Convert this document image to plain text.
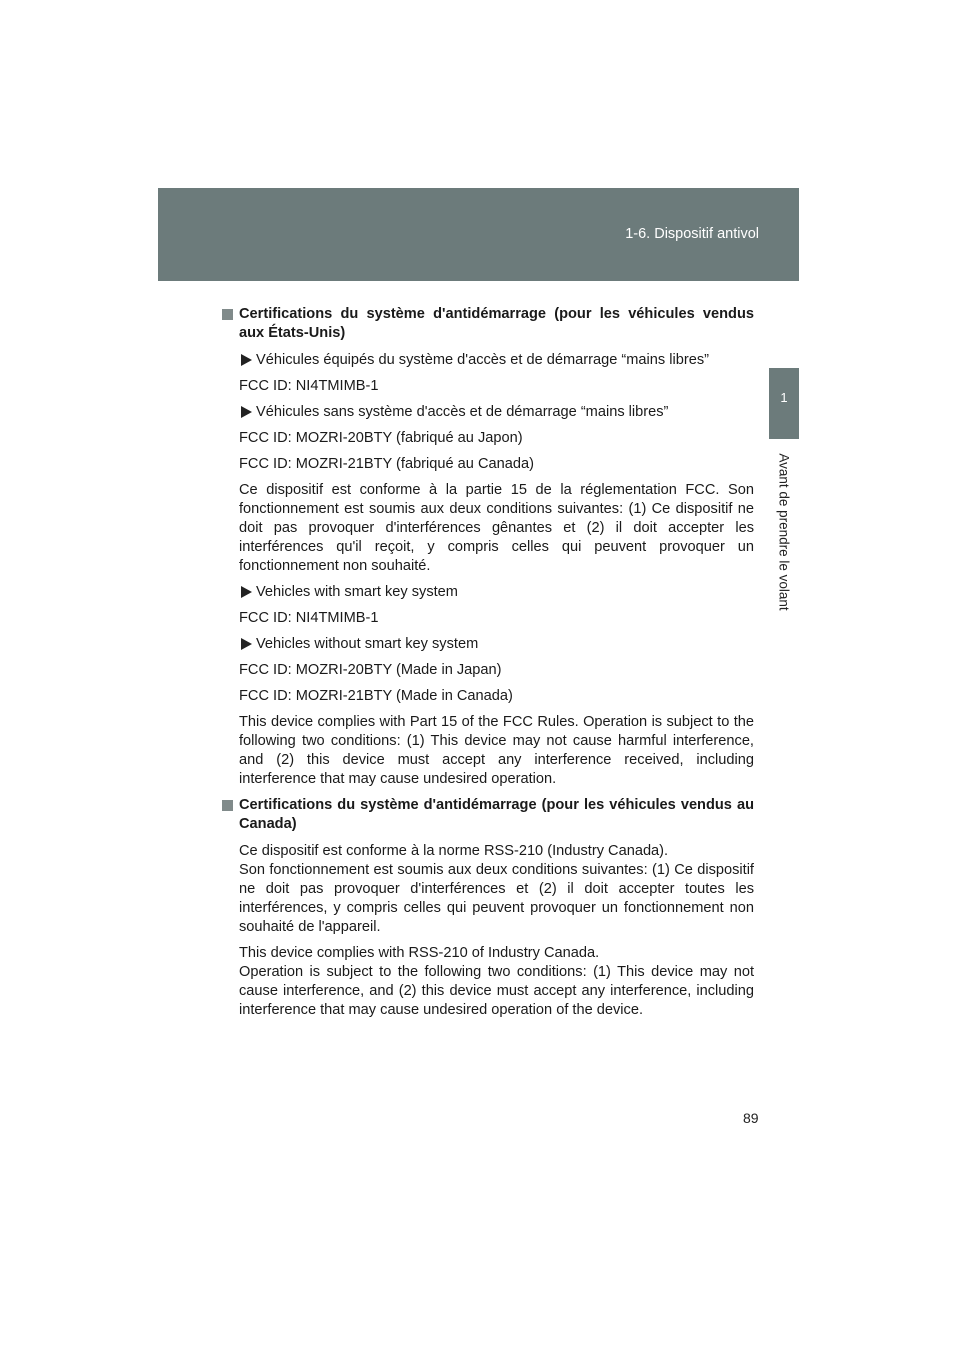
1-6. Dispositif antivol
1
Avant de prendre le volant
Certifications du système d'antidémarrage (pour les véhicules vendus aux États-Unis)
Véhicules équipés du système d'accès et de démarrage “mains libres”
FCC ID: NI4TMIMB-1
Véhicules sans système d'accès et de démarrage “mains libres”
FCC ID: MOZRI-20BTY (fabriqué au Japon)
FCC ID: MOZRI-21BTY (fabriqué au Canada)
Ce dispositif est conforme à la partie 15 de la réglementation FCC. Son fonctionnement est soumis aux deux conditions suivantes: (1) Ce dispositif ne doit pas provoquer d'interférences gênantes et (2) il doit accepter les interférences qu'il reçoit, y compris celles qui peuvent provoquer un fonctionnement non souhaité.
Vehicles with smart key system
FCC ID: NI4TMIMB-1
Vehicles without smart key system
FCC ID: MOZRI-20BTY (Made in Japan)
FCC ID: MOZRI-21BTY (Made in Canada)
This device complies with Part 15 of the FCC Rules. Operation is subject to the following two conditions: (1) This device may not cause harmful interference, and (2) this device must accept any interference received, including interference that may cause undesired operation.
Certifications du système d'antidémarrage (pour les véhicules vendus au Canada)
Ce dispositif est conforme à la norme RSS-210 (Industry Canada).
Son fonctionnement est soumis aux deux conditions suivantes: (1) Ce dispositif ne doit pas provoquer d'interférences et (2) il doit accepter toutes les interférences, y compris celles qui peuvent provoquer un fonctionnement non souhaité de l'appareil.
This device complies with RSS-210 of Industry Canada.
Operation is subject to the following two conditions: (1) This device may not cause interference, and (2) this device must accept any interference, including interference that may cause undesired operation of the device.
89
